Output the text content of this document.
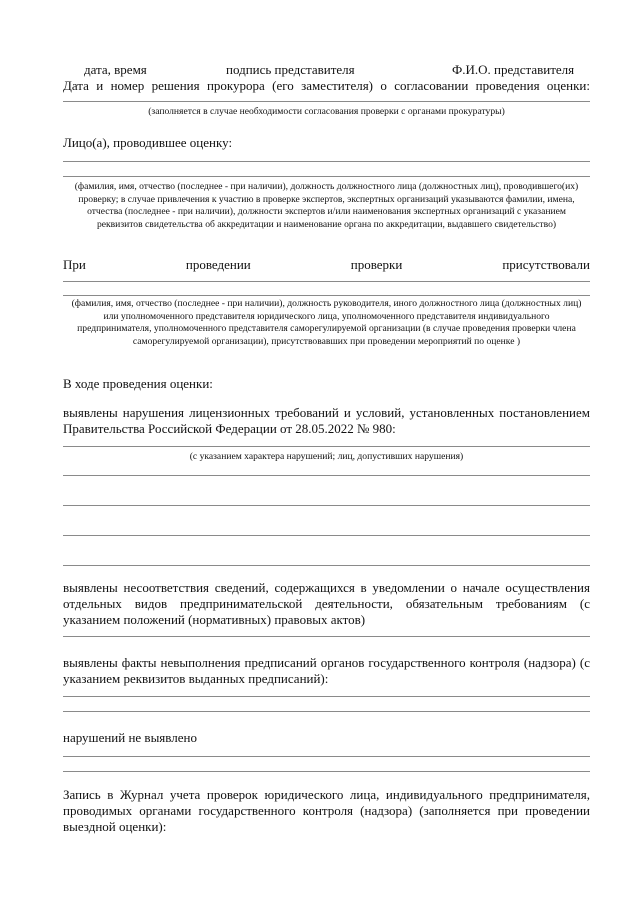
дата, время	подпись представителя	Ф.И.О. представителя
Дата и номер решения прокурора (его заместителя) о согласовании проведения оценки:
(заполняется в случае необходимости согласования проверки с органами прокуратуры)
Лицо(а), проводившее оценку:
(фамилия, имя, отчество (последнее - при наличии), должность должностного лица (должностных лиц), проводившего(их) проверку; в случае привлечения к участию в проверке экспертов, экспертных организаций указываются фамилии, имена, отчества (последнее - при наличии), должности экспертов и/или наименования экспертных организаций с указанием реквизитов свидетельства об аккредитации и наименование органа по аккредитации, выдавшего свидетельство)
При	проведении	проверки	присутствовали
(фамилия, имя, отчество (последнее - при наличии), должность руководителя, иного должностного лица (должностных лиц) или уполномоченного представителя юридического лица, уполномоченного представителя индивидуального предпринимателя, уполномоченного представителя саморегулируемой организации (в случае проведения проверки члена саморегулируемой организации), присутствовавших при проведении мероприятий по оценке )
В ходе проведения оценки:
выявлены нарушения лицензионных требований и условий, установленных постановлением Правительства Российской Федерации от 28.05.2022 № 980:
(с указанием характера нарушений; лиц, допустивших нарушения)
выявлены несоответствия сведений, содержащихся в уведомлении о начале осуществления отдельных видов предпринимательской деятельности, обязательным требованиям (с указанием положений (нормативных) правовых актов)
выявлены факты невыполнения предписаний органов государственного контроля (надзора) (с указанием реквизитов выданных предписаний):
нарушений не выявлено
Запись в Журнал учета проверок юридического лица, индивидуального предпринимателя, проводимых органами государственного контроля (надзора) (заполняется при проведении выездной оценки):
